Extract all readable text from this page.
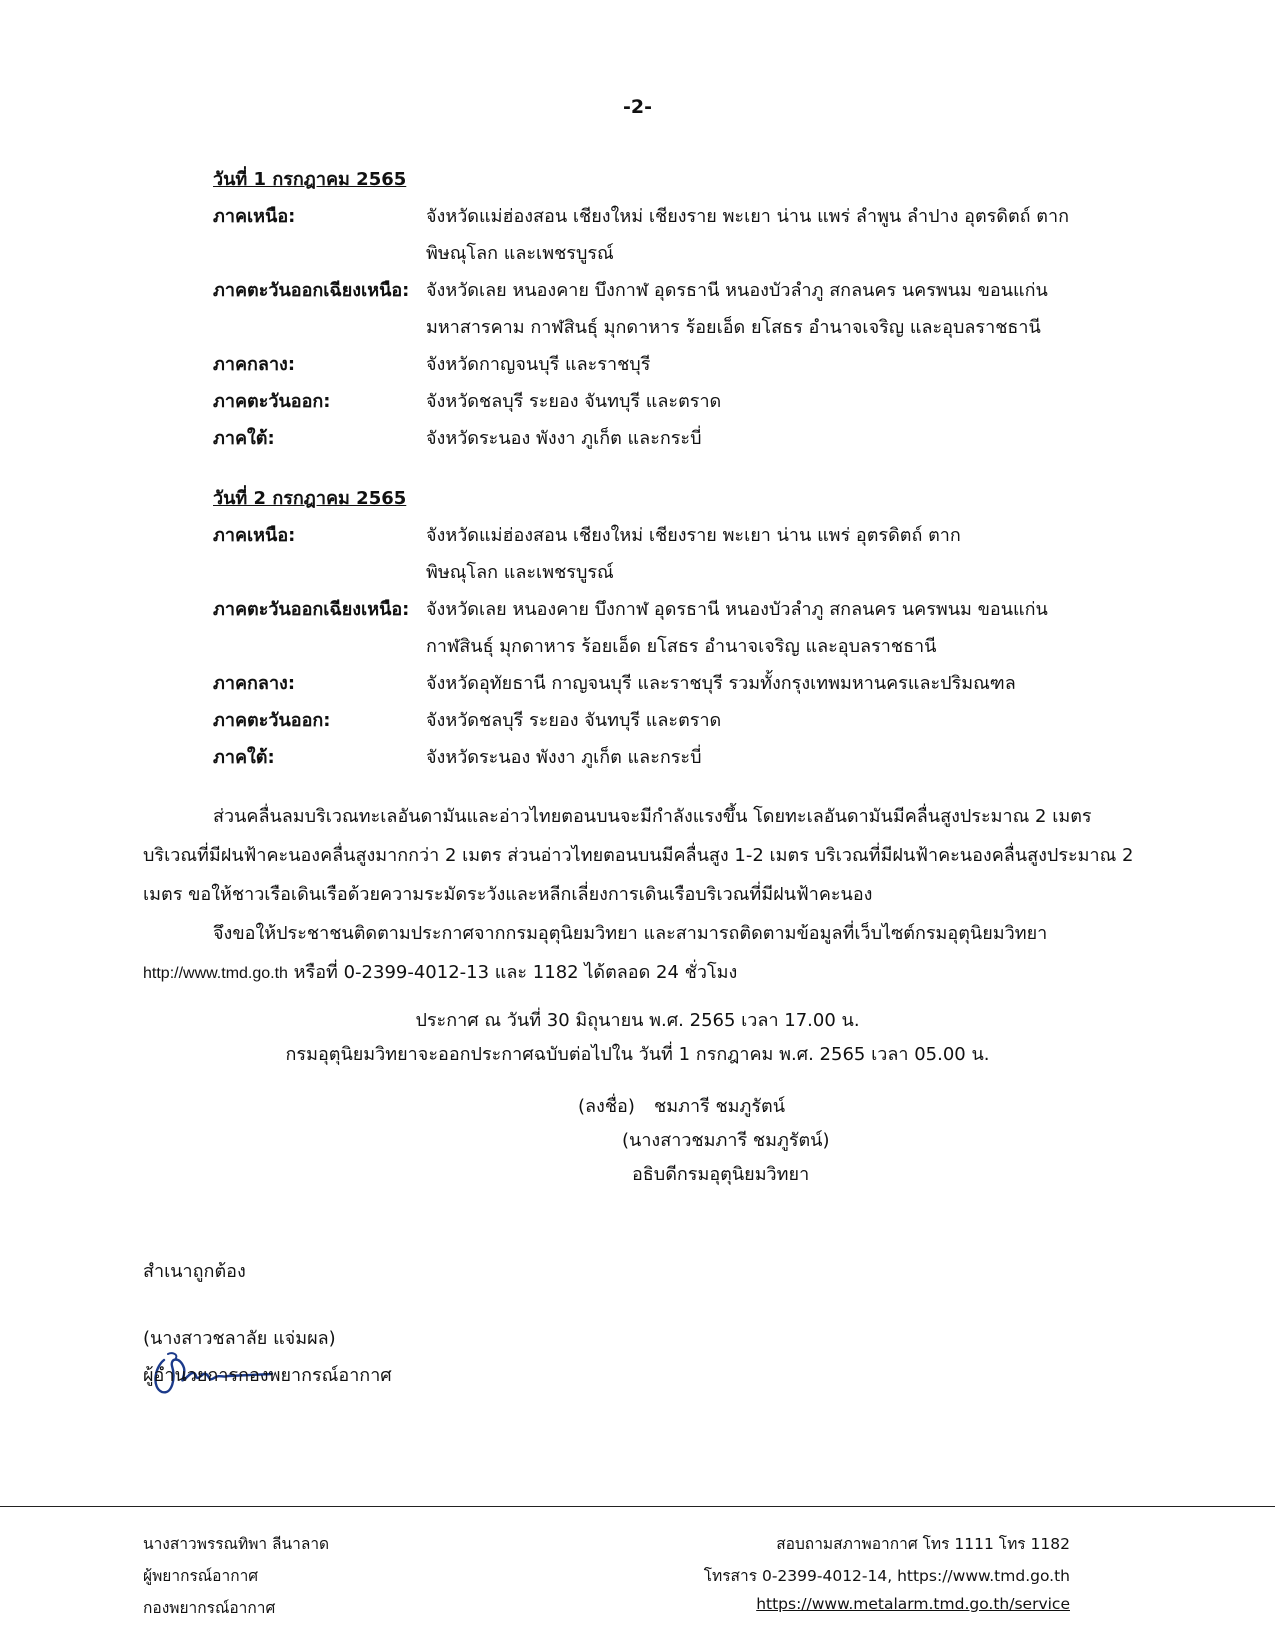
-2-
วันที่ 1 กรกฎาคม 2565
ภาคเหนือ:	จังหวัดแม่ฮ่องสอน เชียงใหม่ เชียงราย พะเยา น่าน แพร่ ลำพูน ลำปาง อุตรดิตถ์ ตาก
พิษณุโลก และเพชรบูรณ์
ภาคตะวันออกเฉียงเหนือ: จังหวัดเลย หนองคาย บึงกาฬ อุดรธานี หนองบัวลำภู สกลนคร นครพนม ขอนแก่น
มหาสารคาม กาฬสินธุ์ มุกดาหาร ร้อยเอ็ด ยโสธร อำนาจเจริญ และอุบลราชธานี
ภาคกลาง:	จังหวัดกาญจนบุรี และราชบุรี
ภาคตะวันออก:	จังหวัดชลบุรี ระยอง จันทบุรี และตราด
ภาคใต้:	จังหวัดระนอง พังงา ภูเก็ต และกระบี่
วันที่ 2 กรกฎาคม 2565
ภาคเหนือ:	จังหวัดแม่ฮ่องสอน เชียงใหม่ เชียงราย พะเยา น่าน แพร่ อุตรดิตถ์ ตาก
พิษณุโลก และเพชรบูรณ์
ภาคตะวันออกเฉียงเหนือ: จังหวัดเลย หนองคาย บึงกาฬ อุดรธานี หนองบัวลำภู สกลนคร นครพนม ขอนแก่น
กาฬสินธุ์ มุกดาหาร ร้อยเอ็ด ยโสธร อำนาจเจริญ และอุบลราชธานี
ภาคกลาง:	จังหวัดอุทัยธานี กาญจนบุรี และราชบุรี รวมทั้งกรุงเทพมหานครและปริมณฑล
ภาคตะวันออก:	จังหวัดชลบุรี ระยอง จันทบุรี และตราด
ภาคใต้:	จังหวัดระนอง พังงา ภูเก็ต และกระบี่
ส่วนคลื่นลมบริเวณทะเลอันดามันและอ่าวไทยตอนบนจะมีกำลังแรงขึ้น โดยทะเลอันดามันมีคลื่นสูงประมาณ 2 เมตร
บริเวณที่มีฝนฟ้าคะนองคลื่นสูงมากกว่า 2 เมตร ส่วนอ่าวไทยตอนบนมีคลื่นสูง 1-2 เมตร บริเวณที่มีฝนฟ้าคะนองคลื่นสูงประมาณ 2
เมตร ขอให้ชาวเรือเดินเรือด้วยความระมัดระวังและหลีกเลี่ยงการเดินเรือบริเวณที่มีฝนฟ้าคะนอง
จึงขอให้ประชาชนติดตามประกาศจากกรมอุตุนิยมวิทยา และสามารถติดตามข้อมูลที่เว็บไซต์กรมอุตุนิยมวิทยา
http://www.tmd.go.th หรือที่ 0-2399-4012-13 และ 1182 ได้ตลอด 24 ชั่วโมง
ประกาศ ณ วันที่ 30 มิถุนายน พ.ศ. 2565 เวลา 17.00 น.
กรมอุตุนิยมวิทยาจะออกประกาศฉบับต่อไปใน วันที่ 1 กรกฎาคม พ.ศ. 2565 เวลา 05.00 น.
(ลงชื่อ) ชมภารี ชมภูรัตน์
(นางสาวชมภารี ชมภูรัตน์)
อธิบดีกรมอุตุนิยมวิทยา
สำเนาถูกต้อง
(นางสาวชลาลัย แจ่มผล)
ผู้อำนวยการกองพยากรณ์อากาศ
นางสาวพรรณทิพา ลีนาลาด
ผู้พยากรณ์อากาศ
กองพยากรณ์อากาศ
สอบถามสภาพอากาศ โทร 1111 โทร 1182
โทรสาร 0-2399-4012-14, https://www.tmd.go.th
https://www.metalarm.tmd.go.th/service
